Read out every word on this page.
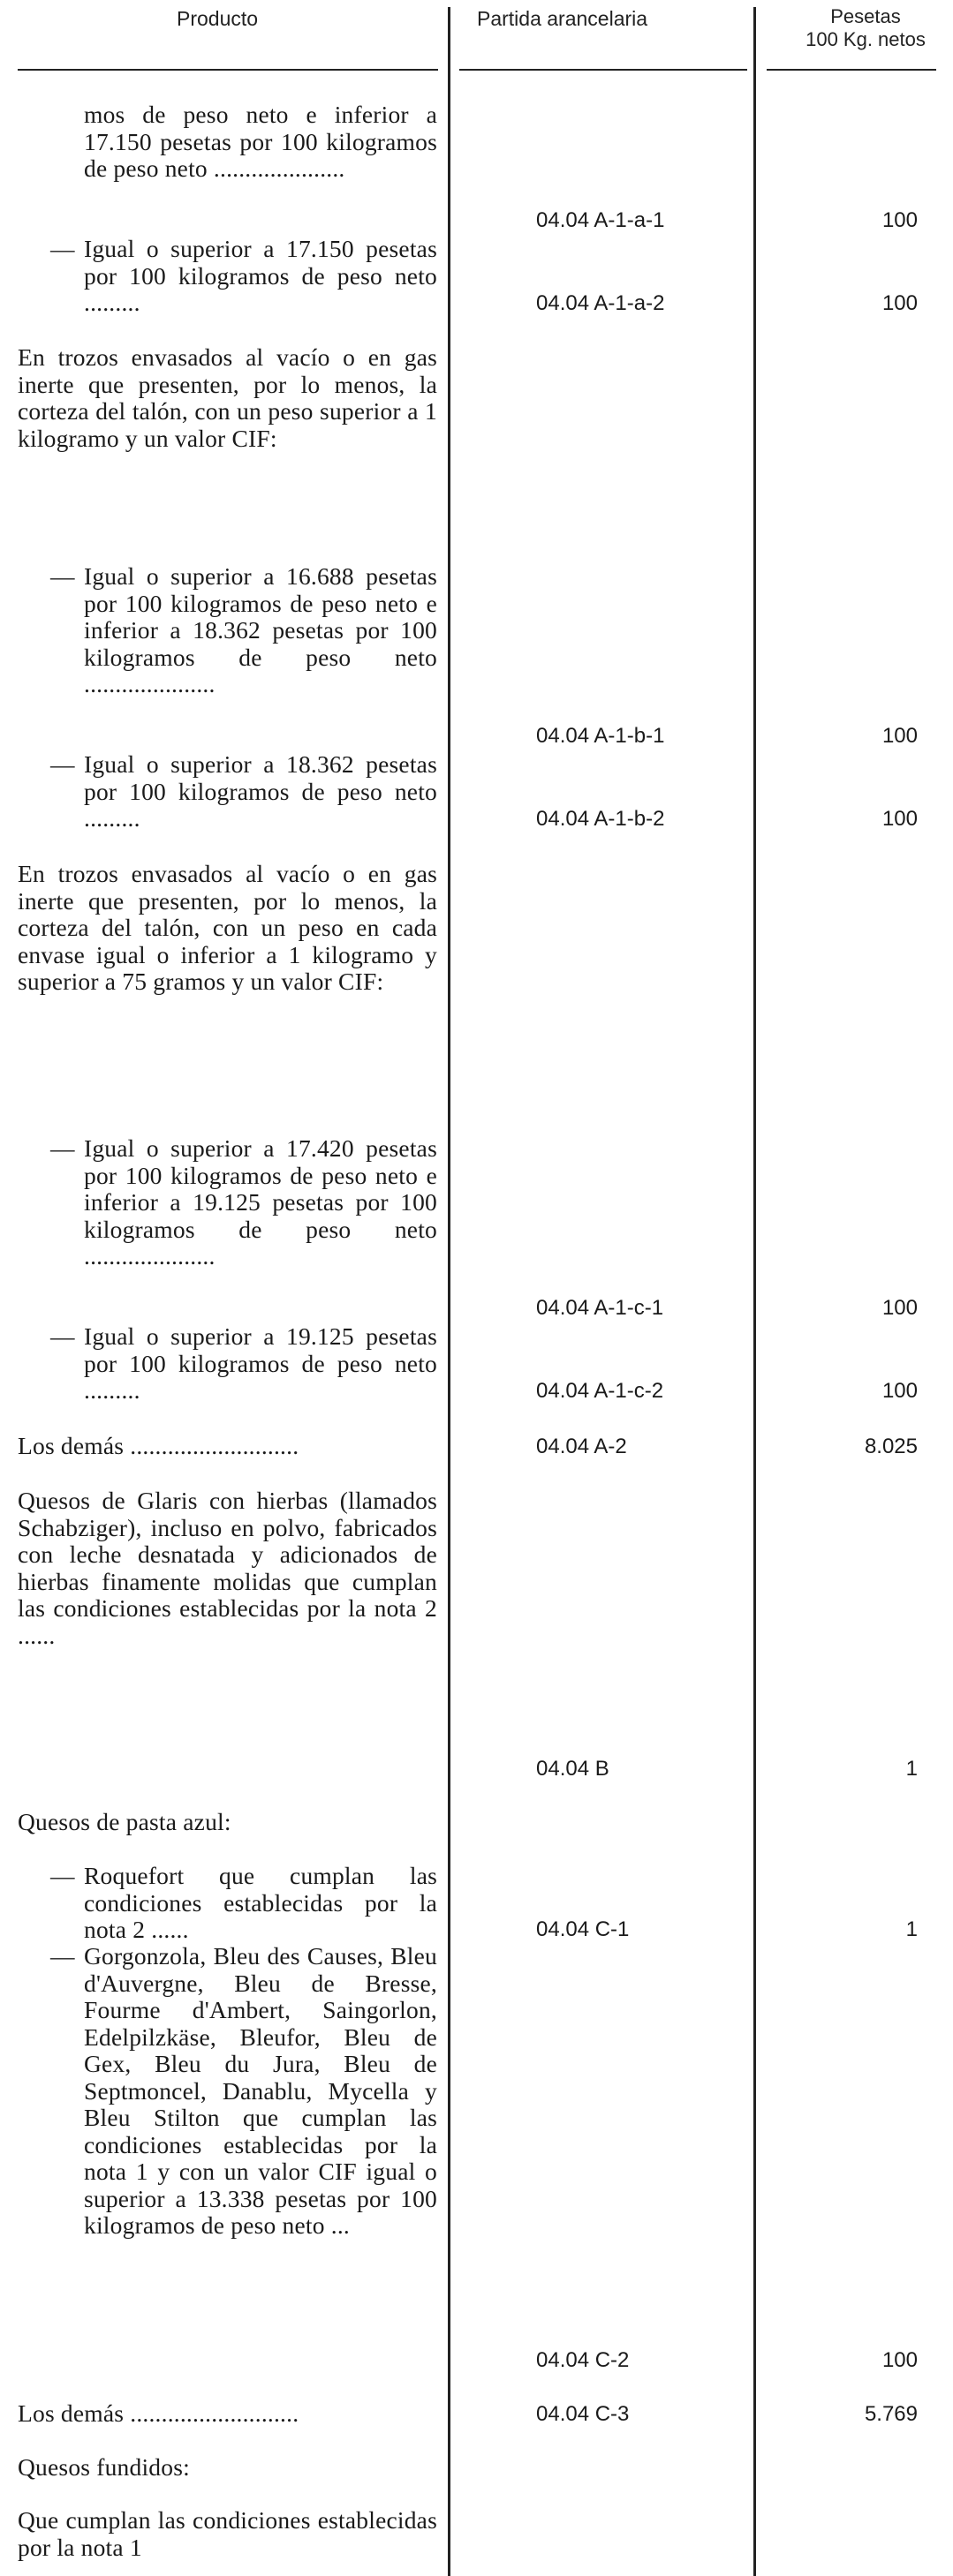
Producto	Partida arancelaria	Pesetas
100 Kg. netos
mos de peso neto e inferior a 17.150 pesetas por 100 kilogramos de peso neto .....................
04.04 A-1-a-1	100
— Igual o superior a 17.150 pesetas por 100 kilogramos de peso neto .........	04.04 A-1-a-2	100
En trozos envasados al vacío o en gas inerte que presenten, por lo menos, la corteza del talón, con un peso superior a 1 kilogramo y un valor CIF:
— Igual o superior a 16.688 pesetas por 100 kilogramos de peso neto e inferior a 18.362 pesetas por 100 kilogramos de peso neto .....................
04.04 A-1-b-1	100
— Igual o superior a 18.362 pesetas por 100 kilogramos de peso neto .........	04.04 A-1-b-2	100
En trozos envasados al vacío o en gas inerte que presenten, por lo menos, la corteza del talón, con un peso en cada envase igual o inferior a 1 kilogramo y superior a 75 gramos y un valor CIF:
— Igual o superior a 17.420 pesetas por 100 kilogramos de peso neto e inferior a 19.125 pesetas por 100 kilogramos de peso neto .....................
04.04 A-1-c-1	100
— Igual o superior a 19.125 pesetas por 100 kilogramos de peso neto .........	04.04 A-1-c-2	100
Los demás ...........................	04.04 A-2	8.025
Quesos de Glaris con hierbas (llamados Schabziger), incluso en polvo, fabricados con leche desnatada y adicionados de hierbas finamente molidas que cumplan las condiciones establecidas por la nota 2 ......
04.04 B	1
Quesos de pasta azul:
— Roquefort que cumplan las condiciones establecidas por la nota 2 ......	04.04 C-1	1
— Gorgonzola, Bleu des Causes, Bleu d'Auvergne, Bleu de Bresse, Fourme d'Ambert, Saingorlon, Edelpilzkäse, Bleufor, Bleu de Gex, Bleu du Jura, Bleu de Septmoncel, Danablu, Mycella y Bleu Stilton que cumplan las condiciones establecidas por la nota 1 y con un valor CIF igual o superior a 13.338 pesetas por 100 kilogramos de peso neto ...
04.04 C-2	100
Los demás ...........................	04.04 C-3	5.769
Quesos fundidos:
Que cumplan las condiciones establecidas por la nota 1
